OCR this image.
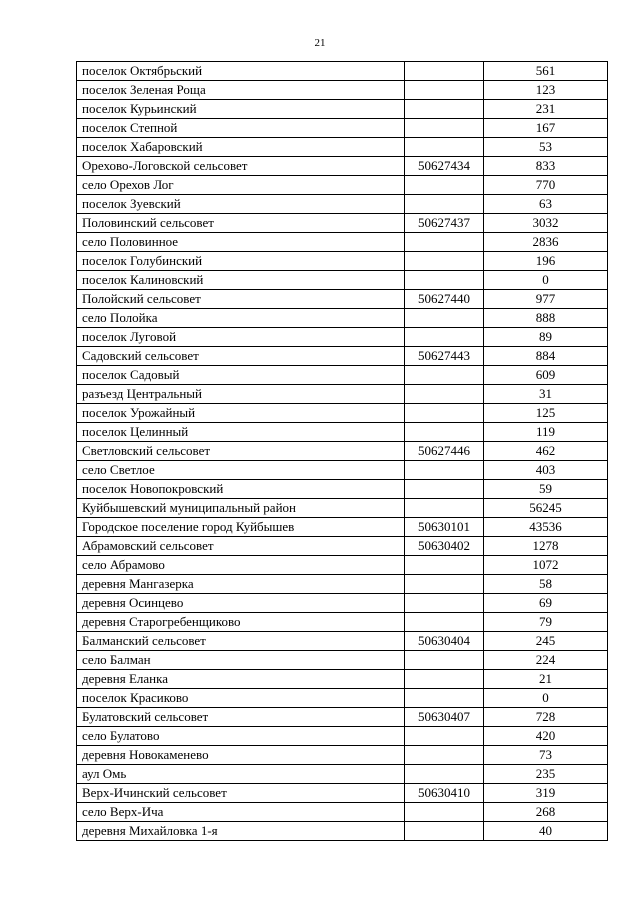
21
поселок Октябрьский		561
поселок Зеленая Роща		123
поселок Курьинский		231
поселок Степной		167
поселок Хабаровский		53
Орехово-Логовской сельсовет	50627434	833
село Орехов Лог		770
поселок Зуевский		63
Половинский сельсовет	50627437	3032
село Половинное		2836
поселок Голубинский		196
поселок Калиновский		0
Полойский сельсовет	50627440	977
село Полойка		888
поселок Луговой		89
Садовский сельсовет	50627443	884
поселок Садовый		609
разъезд Центральный		31
поселок Урожайный		125
поселок Целинный		119
Светловский сельсовет	50627446	462
село Светлое		403
поселок Новопокровский		59
Куйбышевский муниципальный район		56245
Городское поселение город Куйбышев	50630101	43536
Абрамовский сельсовет	50630402	1278
село Абрамово		1072
деревня Мангазерка		58
деревня Осинцево		69
деревня Старогребенщиково		79
Балманский сельсовет	50630404	245
село Балман		224
деревня Еланка		21
поселок Красиково		0
Булатовский сельсовет	50630407	728
село Булатово		420
деревня Новокаменево		73
аул Омь		235
Верх-Ичинский сельсовет	50630410	319
село Верх-Ича		268
деревня Михайловка 1-я		40
